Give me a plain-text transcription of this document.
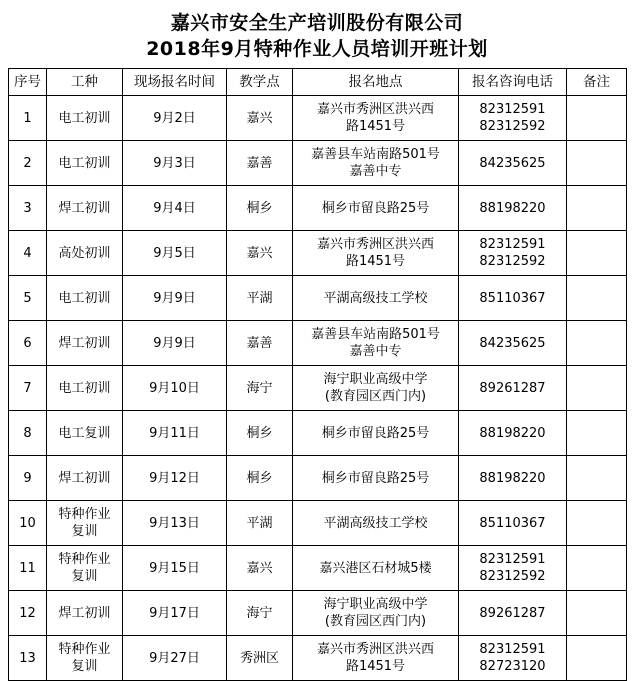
嘉兴市安全生产培训股份有限公司
2018年9月特种作业人员培训开班计划
序号	工种	现场报名时间	教学点	报名地点	报名咨询电话	备注
1	电工初训	9月2日	嘉兴	嘉兴市秀洲区洪兴西
路1451号	82312591
82312592	

2	电工初训	9月3日	嘉善	嘉善县车站南路501号
嘉善中专	84235625	

3	焊工初训	9月4日	桐乡	桐乡市留良路25号	88198220	

4	高处初训	9月5日	嘉兴	嘉兴市秀洲区洪兴西
路1451号	82312591
82312592	

5	电工初训	9月9日	平湖	平湖高级技工学校	85110367	

6	焊工初训	9月9日	嘉善	嘉善县车站南路501号
嘉善中专	84235625	

7	电工初训	9月10日	海宁	海宁职业高级中学
(教育园区西门内)	89261287	

8	电工复训	9月11日	桐乡	桐乡市留良路25号	88198220	

9	焊工初训	9月12日	桐乡	桐乡市留良路25号	88198220	

10	特种作业
复训	9月13日	平湖	平湖高级技工学校	85110367	

11	特种作业
复训	9月15日	嘉兴	嘉兴港区石材城5楼	82312591
82312592	

12	焊工初训	9月17日	海宁	海宁职业高级中学
(教育园区西门内)	89261287	

13	特种作业
复训	9月27日	秀洲区	嘉兴市秀洲区洪兴西
路1451号	82312591
82723120	
